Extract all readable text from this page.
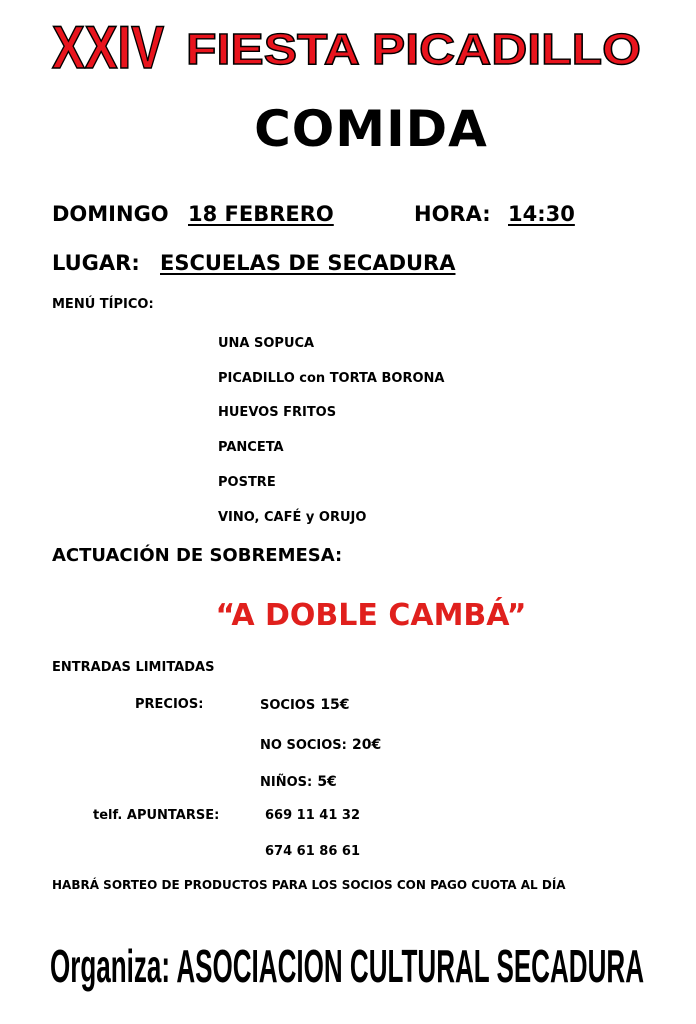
XXIV FIESTA PICADILLO
COMIDA
DOMINGO 18 FEBRERO	HORA: 14:30
LUGAR: ESCUELAS DE SECADURA
MENÚ TÍPICO:
UNA SOPUCA
PICADILLO con TORTA BORONA
HUEVOS FRITOS
PANCETA
POSTRE
VINO, CAFÉ y ORUJO
ACTUACIÓN DE SOBREMESA:
“A DOBLE CAMBÁ”
ENTRADAS LIMITADAS
PRECIOS:	SOCIOS 15€
NO SOCIOS: 20€
NIÑOS: 5€
telf. APUNTARSE:	669 11 41 32
674 61 86 61
HABRÁ SORTEO DE PRODUCTOS PARA LOS SOCIOS CON PAGO CUOTA AL DÍA
Organiza: ASOCIACION CULTURAL SECADURA
